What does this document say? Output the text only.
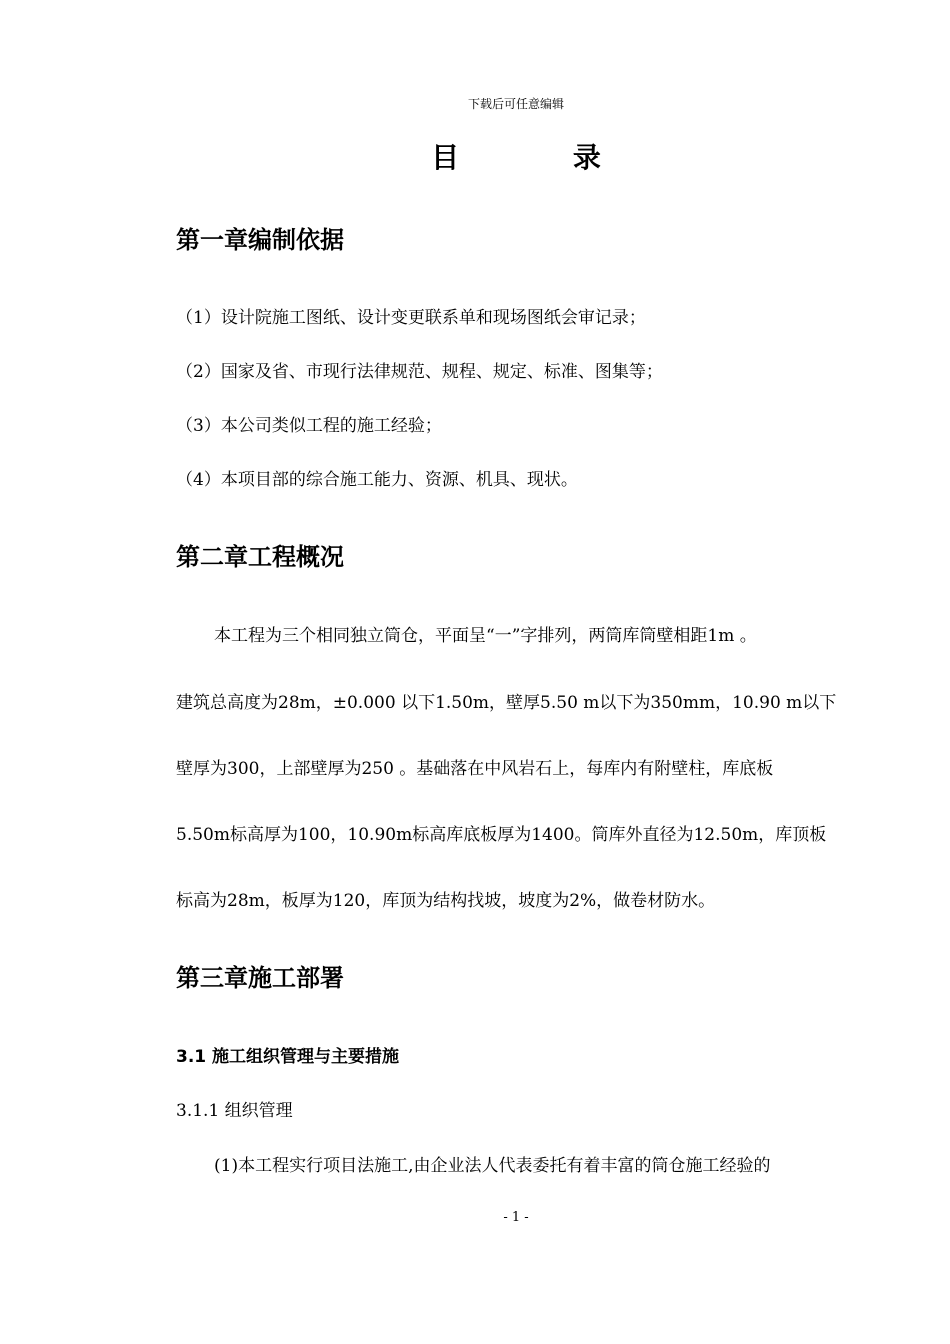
下载后可任意编辑
目 录
第一章编制依据
（1）设计院施工图纸、设计变更联系单和现场图纸会审记录；
（2）国家及省、市现行法律规范、规程、规定、标准、图集等；
（3）本公司类似工程的施工经验；
（4）本项目部的综合施工能力、资源、机具、现状。
第二章工程概况
本工程为三个相同独立筒仓，平面呈“一”字排列，两筒库筒壁相距1m 。
建筑总高度为28m，±0.000 以下1.50m，壁厚5.50 m以下为350mm，10.90 m以下
壁厚为300，上部壁厚为250 。基础落在中风岩石上，每库内有附壁柱，库底板
5.50m标高厚为100，10.90m标高库底板厚为1400。筒库外直径为12.50m，库顶板
标高为28m，板厚为120，库顶为结构找坡，坡度为2%，做卷材防水。
第三章施工部署
3.1 施工组织管理与主要措施
3.1.1 组织管理
(1)本工程实行项目法施工,由企业法人代表委托有着丰富的筒仓施工经验的
- 1 -
